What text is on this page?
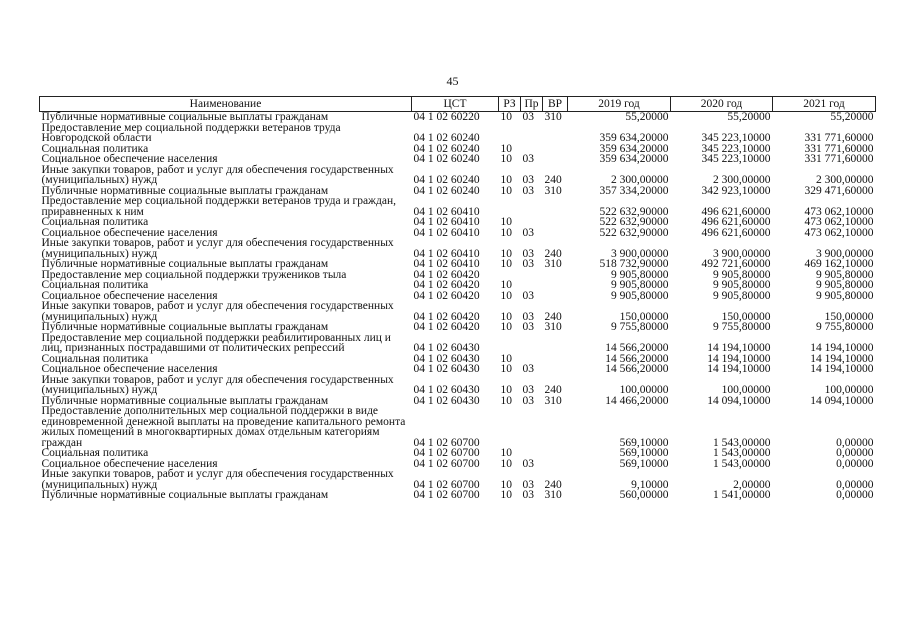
45
Наименование	ЦСТ	РЗ	Пр	ВР	2019 год	2020 год	2021 год
Публичные нормативные социальные выплаты гражданам	04 1 02 60220	10	03	310	55,20000	55,20000	55,20000
Предоставление мер социальной поддержки ветеранов труда Новгородской области	04 1 02 60240				359 634,20000	345 223,10000	331 771,60000
Социальная политика	04 1 02 60240	10			359 634,20000	345 223,10000	331 771,60000
Социальное обеспечение населения	04 1 02 60240	10	03		359 634,20000	345 223,10000	331 771,60000
Иные закупки товаров, работ и услуг для обеспечения государственных (муниципальных) нужд	04 1 02 60240	10	03	240	2 300,00000	2 300,00000	2 300,00000
Публичные нормативные социальные выплаты гражданам	04 1 02 60240	10	03	310	357 334,20000	342 923,10000	329 471,60000
Предоставление мер социальной поддержки ветеранов труда и граждан, приравненных к ним	04 1 02 60410				522 632,90000	496 621,60000	473 062,10000
Социальная политика	04 1 02 60410	10			522 632,90000	496 621,60000	473 062,10000
Социальное обеспечение населения	04 1 02 60410	10	03		522 632,90000	496 621,60000	473 062,10000
Иные закупки товаров, работ и услуг для обеспечения государственных (муниципальных) нужд	04 1 02 60410	10	03	240	3 900,00000	3 900,00000	3 900,00000
Публичные нормативные социальные выплаты гражданам	04 1 02 60410	10	03	310	518 732,90000	492 721,60000	469 162,10000
Предоставление мер социальной поддержки тружеников тыла	04 1 02 60420				9 905,80000	9 905,80000	9 905,80000
Социальная политика	04 1 02 60420	10			9 905,80000	9 905,80000	9 905,80000
Социальное обеспечение населения	04 1 02 60420	10	03		9 905,80000	9 905,80000	9 905,80000
Иные закупки товаров, работ и услуг для обеспечения государственных (муниципальных) нужд	04 1 02 60420	10	03	240	150,00000	150,00000	150,00000
Публичные нормативные социальные выплаты гражданам	04 1 02 60420	10	03	310	9 755,80000	9 755,80000	9 755,80000
Предоставление мер социальной поддержки реабилитированных лиц и лиц, признанных пострадавшими от политических репрессий	04 1 02 60430				14 566,20000	14 194,10000	14 194,10000
Социальная политика	04 1 02 60430	10			14 566,20000	14 194,10000	14 194,10000
Социальное обеспечение населения	04 1 02 60430	10	03		14 566,20000	14 194,10000	14 194,10000
Иные закупки товаров, работ и услуг для обеспечения государственных (муниципальных) нужд	04 1 02 60430	10	03	240	100,00000	100,00000	100,00000
Публичные нормативные социальные выплаты гражданам	04 1 02 60430	10	03	310	14 466,20000	14 094,10000	14 094,10000
Предоставление дополнительных мер социальной поддержки в виде единовременной денежной выплаты на проведение капитального ремонта жилых помещений в многоквартирных домах отдельным категориям граждан	04 1 02 60700				569,10000	1 543,00000	0,00000
Социальная политика	04 1 02 60700	10			569,10000	1 543,00000	0,00000
Социальное обеспечение населения	04 1 02 60700	10	03		569,10000	1 543,00000	0,00000
Иные закупки товаров, работ и услуг для обеспечения государственных (муниципальных) нужд	04 1 02 60700	10	03	240	9,10000	2,00000	0,00000
Публичные нормативные социальные выплаты гражданам	04 1 02 60700	10	03	310	560,00000	1 541,00000	0,00000
